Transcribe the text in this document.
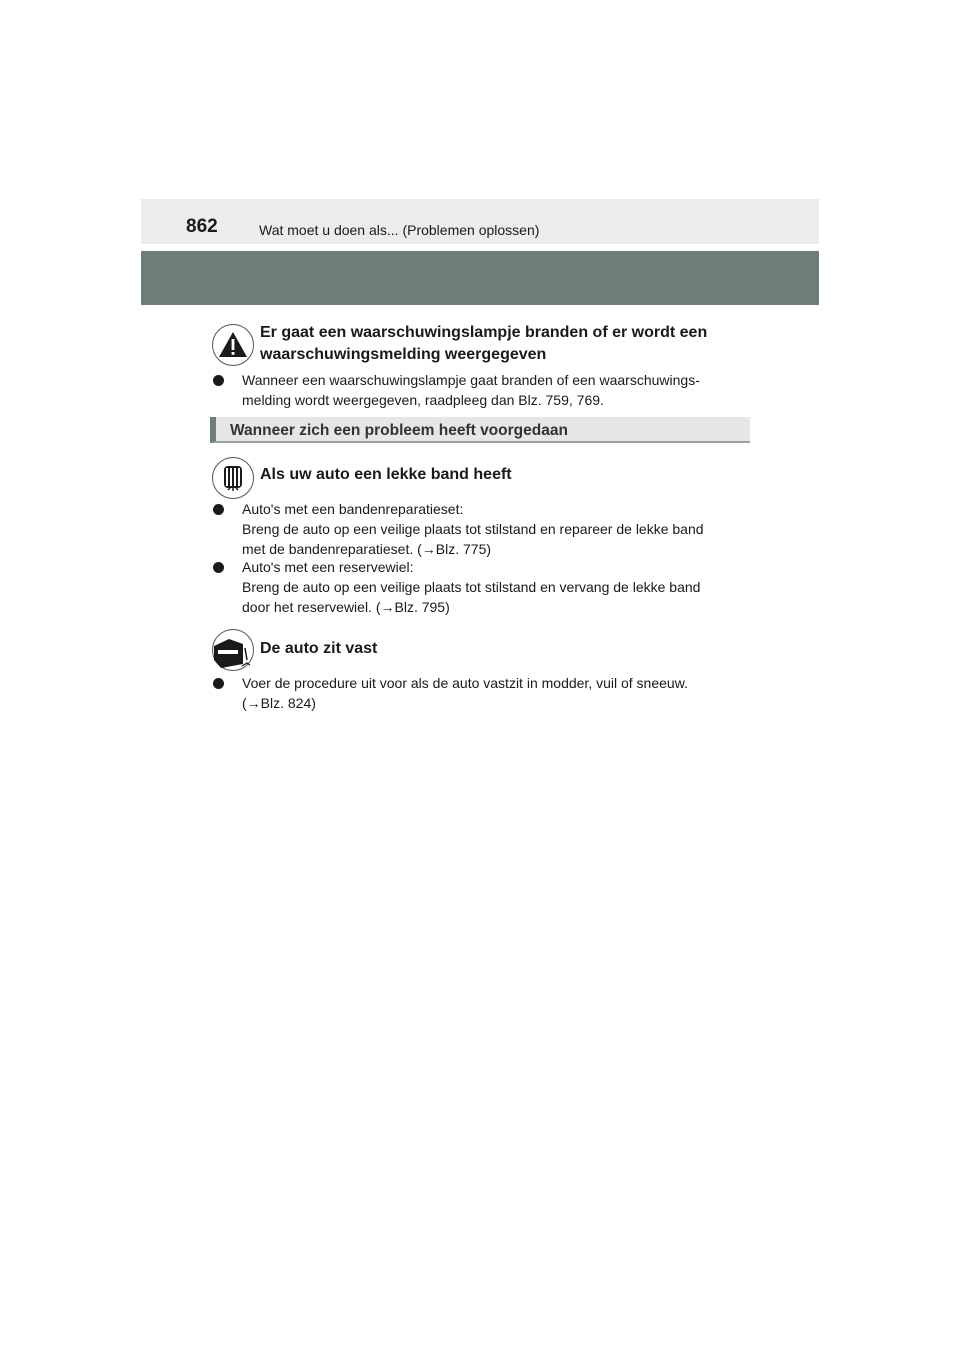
862	Wat moet u doen als... (Problemen oplossen)
Er gaat een waarschuwingslampje branden of er wordt een
waarschuwingsmelding weergegeven

Wanneer een waarschuwingslampje gaat branden of een waarschuwings-

melding wordt weergegeven, raadpleeg dan Blz. 759, 769.

Wanneer zich een probleem heeft voorgedaan
Als uw auto een lekke band heeft

Auto's met een bandenreparatieset:

Breng de auto op een veilige plaats tot stilstand en repareer de lekke band

met de bandenreparatieset. (→Blz. 775)

Auto's met een reservewiel:

Breng de auto op een veilige plaats tot stilstand en vervang de lekke band

door het reservewiel. (→Blz. 795)

De auto zit vast

Voer de procedure uit voor als de auto vastzit in modder, vuil of sneeuw.

(→Blz. 824)
